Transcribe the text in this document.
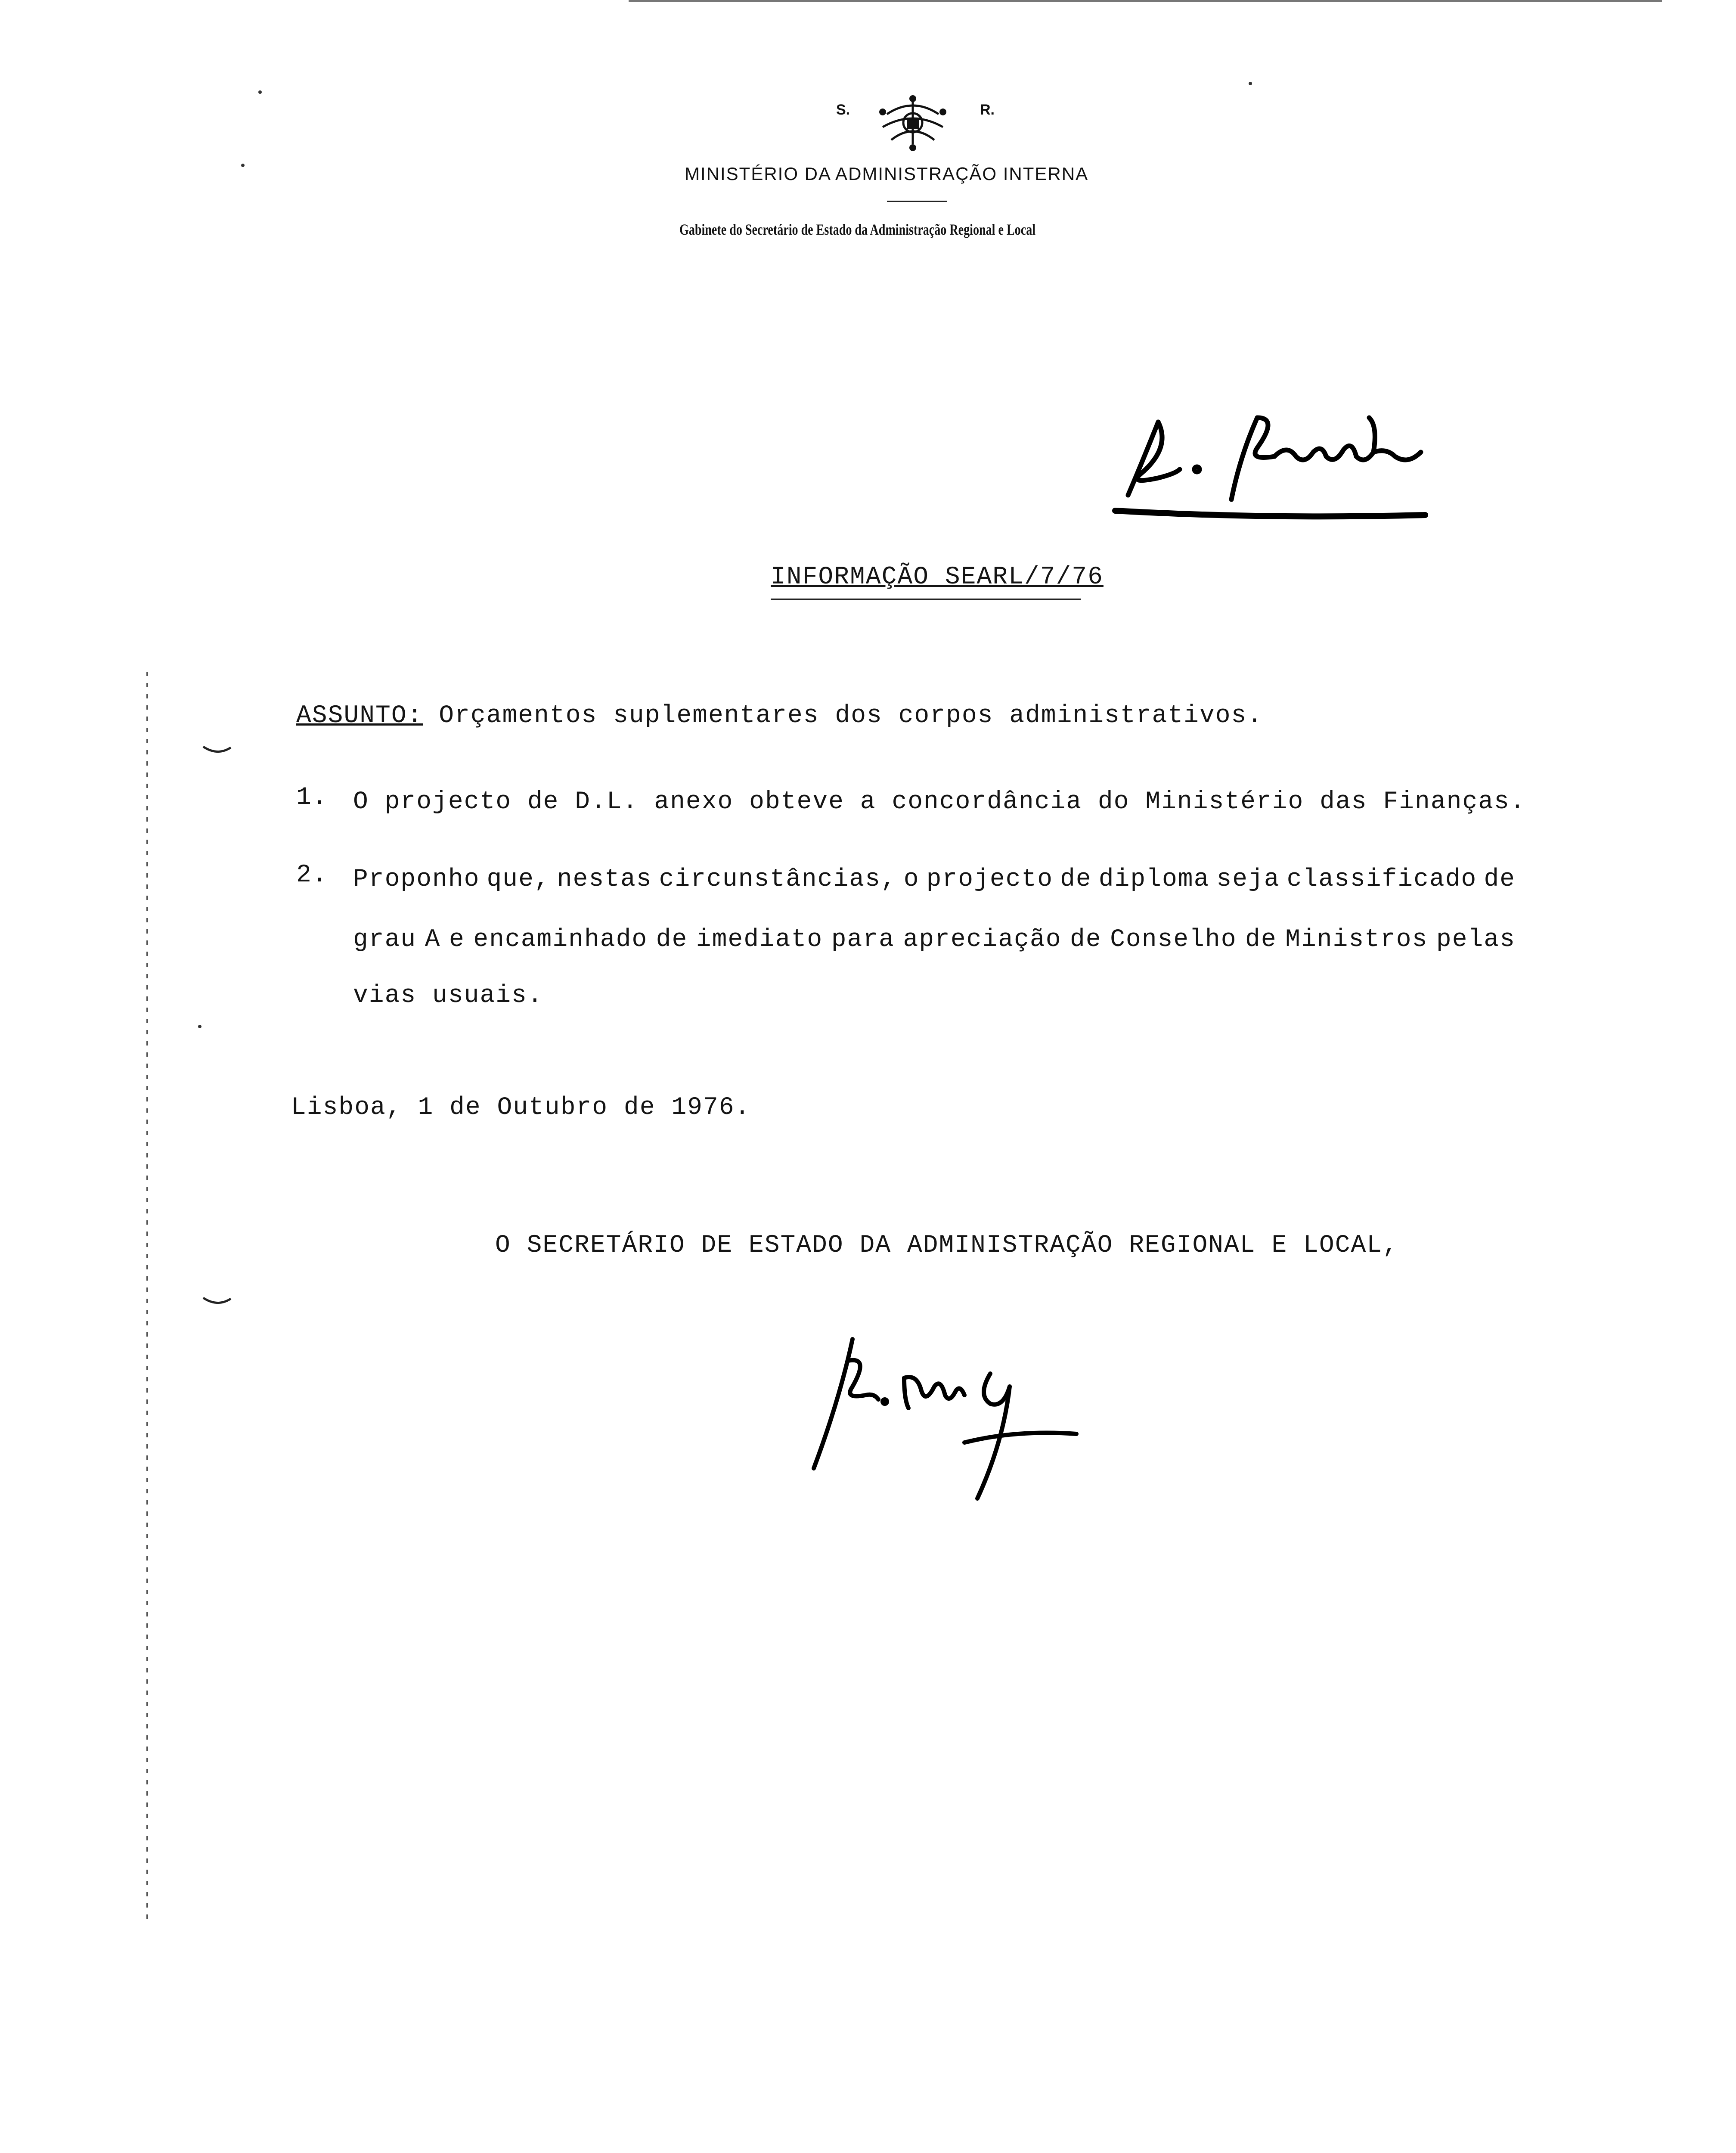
S.	R.
MINISTÉRIO DA ADMINISTRAÇÃO INTERNA
Gabinete do Secretário de Estado da Administração Regional e Local
INFORMAÇÃO SEARL/7/76
ASSUNTO: Orçamentos suplementares dos corpos administrativos.
1. O projecto de D.L. anexo obteve a concordância do Ministério das Finanças.
2. Proponho que, nestas circunstâncias, o projecto de diploma seja classificado de
grau A e encaminhado de imediato para apreciação de Conselho de Ministros pelas
vias usuais.
Lisboa, 1 de Outubro de 1976.
O SECRETÁRIO DE ESTADO DA ADMINISTRAÇÃO REGIONAL E LOCAL,
